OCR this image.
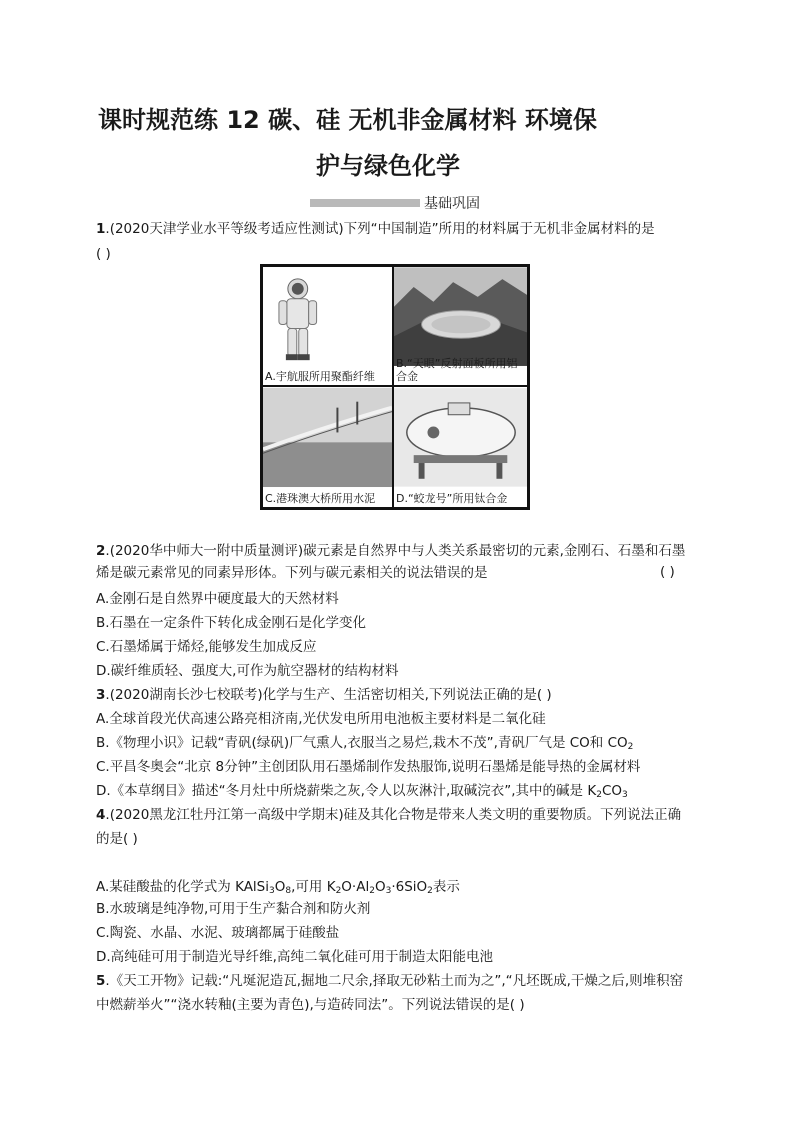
课时规范练 12 碳、硅 无机非金属材料 环境保
护与绿色化学
基础巩固
1.(2020天津学业水平等级考适应性测试)下列“中国制造”所用的材料属于无机非金属材料的是
( )
A.宇航服所用聚酯纤维
B.“天眼”反射面板所用铝合金
C.港珠澳大桥所用水泥 D.“蛟龙号”所用钛合金
2.(2020华中师大一附中质量测评)碳元素是自然界中与人类关系最密切的元素,金刚石、石墨和石墨
烯是碳元素常见的同素异形体。下列与碳元素相关的说法错误的是	( )
A.金刚石是自然界中硬度最大的天然材料
B.石墨在一定条件下转化成金刚石是化学变化
C.石墨烯属于烯烃,能够发生加成反应
D.碳纤维质轻、强度大,可作为航空器材的结构材料
3.(2020湖南长沙七校联考)化学与生产、生活密切相关,下列说法正确的是( )
A.全球首段光伏高速公路亮相济南,光伏发电所用电池板主要材料是二氧化硅
B.《物理小识》记载“青矾(绿矾)厂气熏人,衣服当之易烂,栽木不茂”,青矾厂气是 CO和 $CO_2$
C.平昌冬奥会“北京 8分钟”主创团队用石墨烯制作发热服饰,说明石墨烯是能导热的金属材料
D.《本草纲目》描述“冬月灶中所烧薪柴之灰,令人以灰淋汁,取碱浣衣”,其中的碱是 $K_2CO_3$
4.(2020黑龙江牡丹江第一高级中学期末)硅及其化合物是带来人类文明的重要物质。下列说法正确
的是( )
A.某硅酸盐的化学式为 $KAlSi_3O_8$,可用 $K_2O\cdot Al_2O_3\cdot 6SiO_2$表示
B.水玻璃是纯净物,可用于生产黏合剂和防火剂
C.陶瓷、水晶、水泥、玻璃都属于硅酸盐
D.高纯硅可用于制造光导纤维,高纯二氧化硅可用于制造太阳能电池
5.《天工开物》记载:“凡埏泥造瓦,掘地二尺余,择取无砂粘土而为之”,“凡坯既成,干燥之后,则堆积窑
中燃薪举火”“浇水转釉(主要为青色),与造砖同法”。下列说法错误的是( )
